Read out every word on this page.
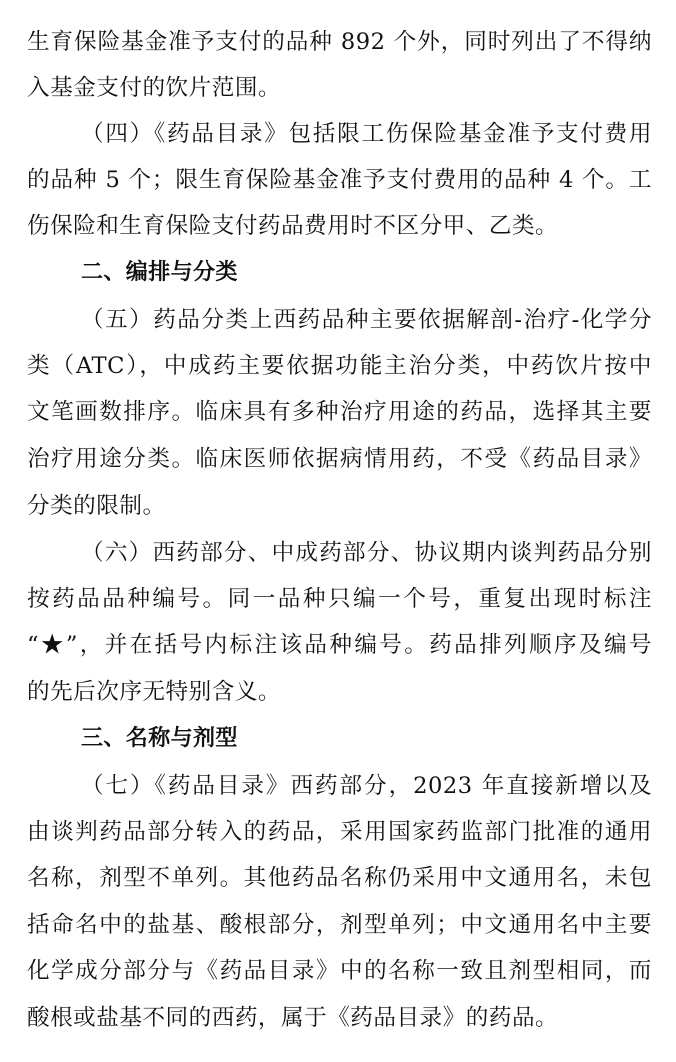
生育保险基金准予支付的品种 892 个外，同时列出了不得纳
入基金支付的饮片范围。
（四）《药品目录》包括限工伤保险基金准予支付费用
的品种 5 个；限生育保险基金准予支付费用的品种 4 个。工
伤保险和生育保险支付药品费用时不区分甲、乙类。
二、编排与分类
（五）药品分类上西药品种主要依据解剖-治疗-化学分
类（ATC），中成药主要依据功能主治分类，中药饮片按中
文笔画数排序。临床具有多种治疗用途的药品，选择其主要
治疗用途分类。临床医师依据病情用药，不受《药品目录》
分类的限制。
（六）西药部分、中成药部分、协议期内谈判药品分别
按药品品种编号。同一品种只编一个号，重复出现时标注
“★”，并在括号内标注该品种编号。药品排列顺序及编号
的先后次序无特别含义。
三、名称与剂型
（七）《药品目录》西药部分，2023 年直接新增以及
由谈判药品部分转入的药品，采用国家药监部门批准的通用
名称，剂型不单列。其他药品名称仍采用中文通用名，未包
括命名中的盐基、酸根部分，剂型单列；中文通用名中主要
化学成分部分与《药品目录》中的名称一致且剂型相同，而
酸根或盐基不同的西药，属于《药品目录》的药品。
